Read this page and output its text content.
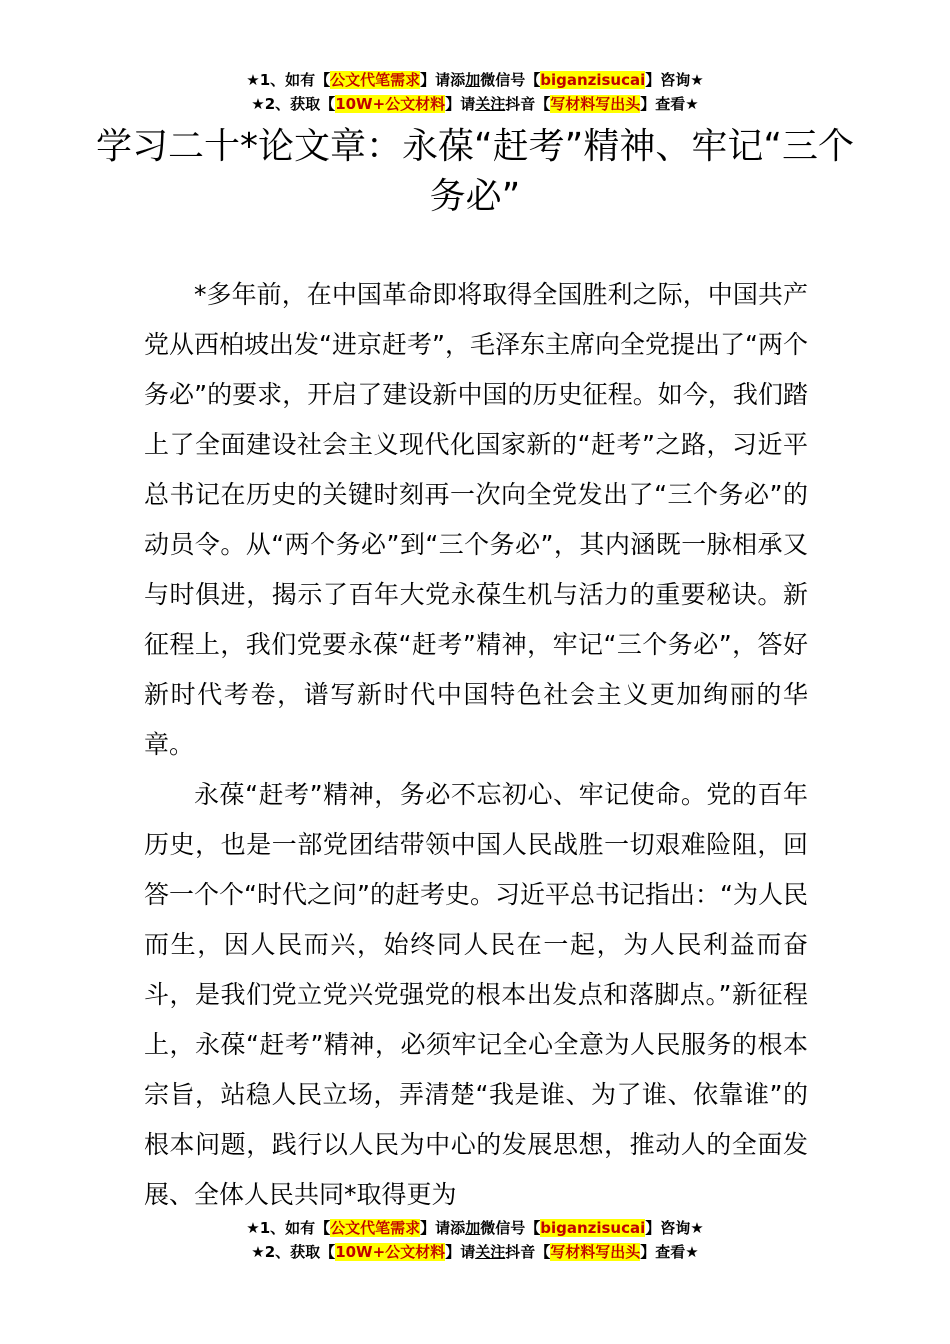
★1、如有【公文代笔需求】请添加微信号【biganzisucai】咨询★
★2、获取【10W+公文材料】请关注抖音【写材料写出头】查看★
学习二十*论文章：永葆“赶考”精神、牢记“三个务必”

*多年前，在中国革命即将取得全国胜利之际，中国共产党从西柏坡出发“进京赶考”，毛泽东主席向全党提出了“两个务必”的要求，开启了建设新中国的历史征程。如今，我们踏上了全面建设社会主义现代化国家新的“赶考”之路，习近平总书记在历史的关键时刻再一次向全党发出了“三个务必”的动员令。从“两个务必”到“三个务必”，其内涵既一脉相承又与时俱进，揭示了百年大党永葆生机与活力的重要秘诀。新征程上，我们党要永葆“赶考”精神，牢记“三个务必”，答好新时代考卷，谱写新时代中国特色社会主义更加绚丽的华章。

永葆“赶考”精神，务必不忘初心、牢记使命。党的百年历史，也是一部党团结带领中国人民战胜一切艰难险阻，回答一个个“时代之问”的赶考史。习近平总书记指出：“为人民而生，因人民而兴，始终同人民在一起，为人民利益而奋斗，是我们党立党兴党强党的根本出发点和落脚点。”新征程上，永葆“赶考”精神，必须牢记全心全意为人民服务的根本宗旨，站稳人民立场，弄清楚“我是谁、为了谁、依靠谁”的根本问题，践行以人民为中心的发展思想，推动人的全面发展、全体人民共同*取得更为

★1、如有【公文代笔需求】请添加微信号【biganzisucai】咨询★
★2、获取【10W+公文材料】请关注抖音【写材料写出头】查看★
